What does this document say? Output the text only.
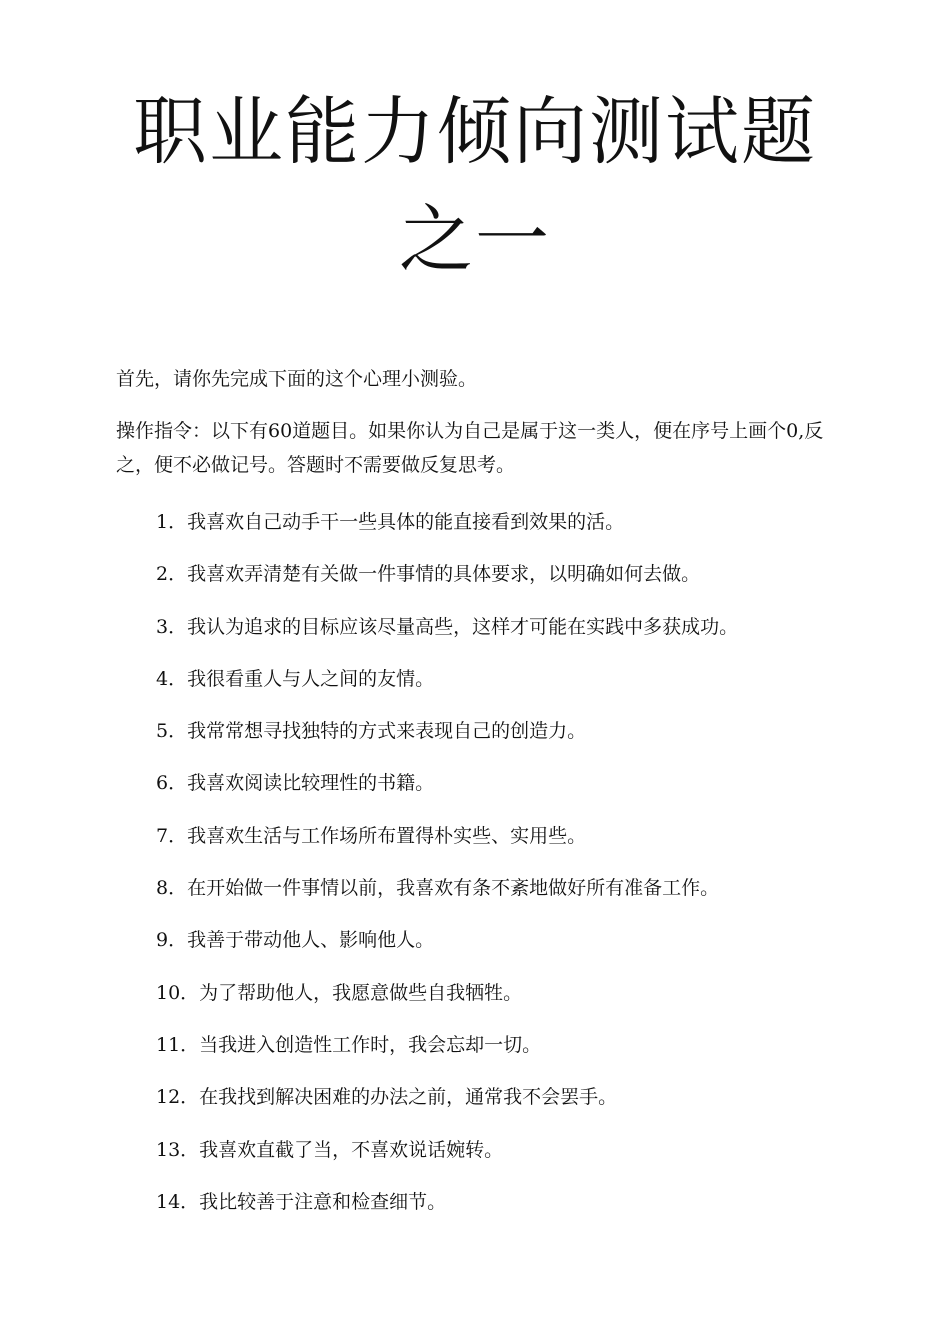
职业能力倾向测试题
之一

首先，请你先完成下面的这个心理小测验。

操作指令：以下有60道题目。如果你认为自己是属于这一类人，便在序号上画个0,反之，便不必做记号。答题时不需要做反复思考。

1．我喜欢自己动手干一些具体的能直接看到效果的活。
2．我喜欢弄清楚有关做一件事情的具体要求，以明确如何去做。
3．我认为追求的目标应该尽量高些，这样才可能在实践中多获成功。
4．我很看重人与人之间的友情。
5．我常常想寻找独特的方式来表现自己的创造力。
6．我喜欢阅读比较理性的书籍。
7．我喜欢生活与工作场所布置得朴实些、实用些。
8．在开始做一件事情以前，我喜欢有条不紊地做好所有准备工作。
9．我善于带动他人、影响他人。
10．为了帮助他人，我愿意做些自我牺牲。
11．当我进入创造性工作时，我会忘却一切。
12．在我找到解决困难的办法之前，通常我不会罢手。
13．我喜欢直截了当，不喜欢说话婉转。
14．我比较善于注意和检查细节。
